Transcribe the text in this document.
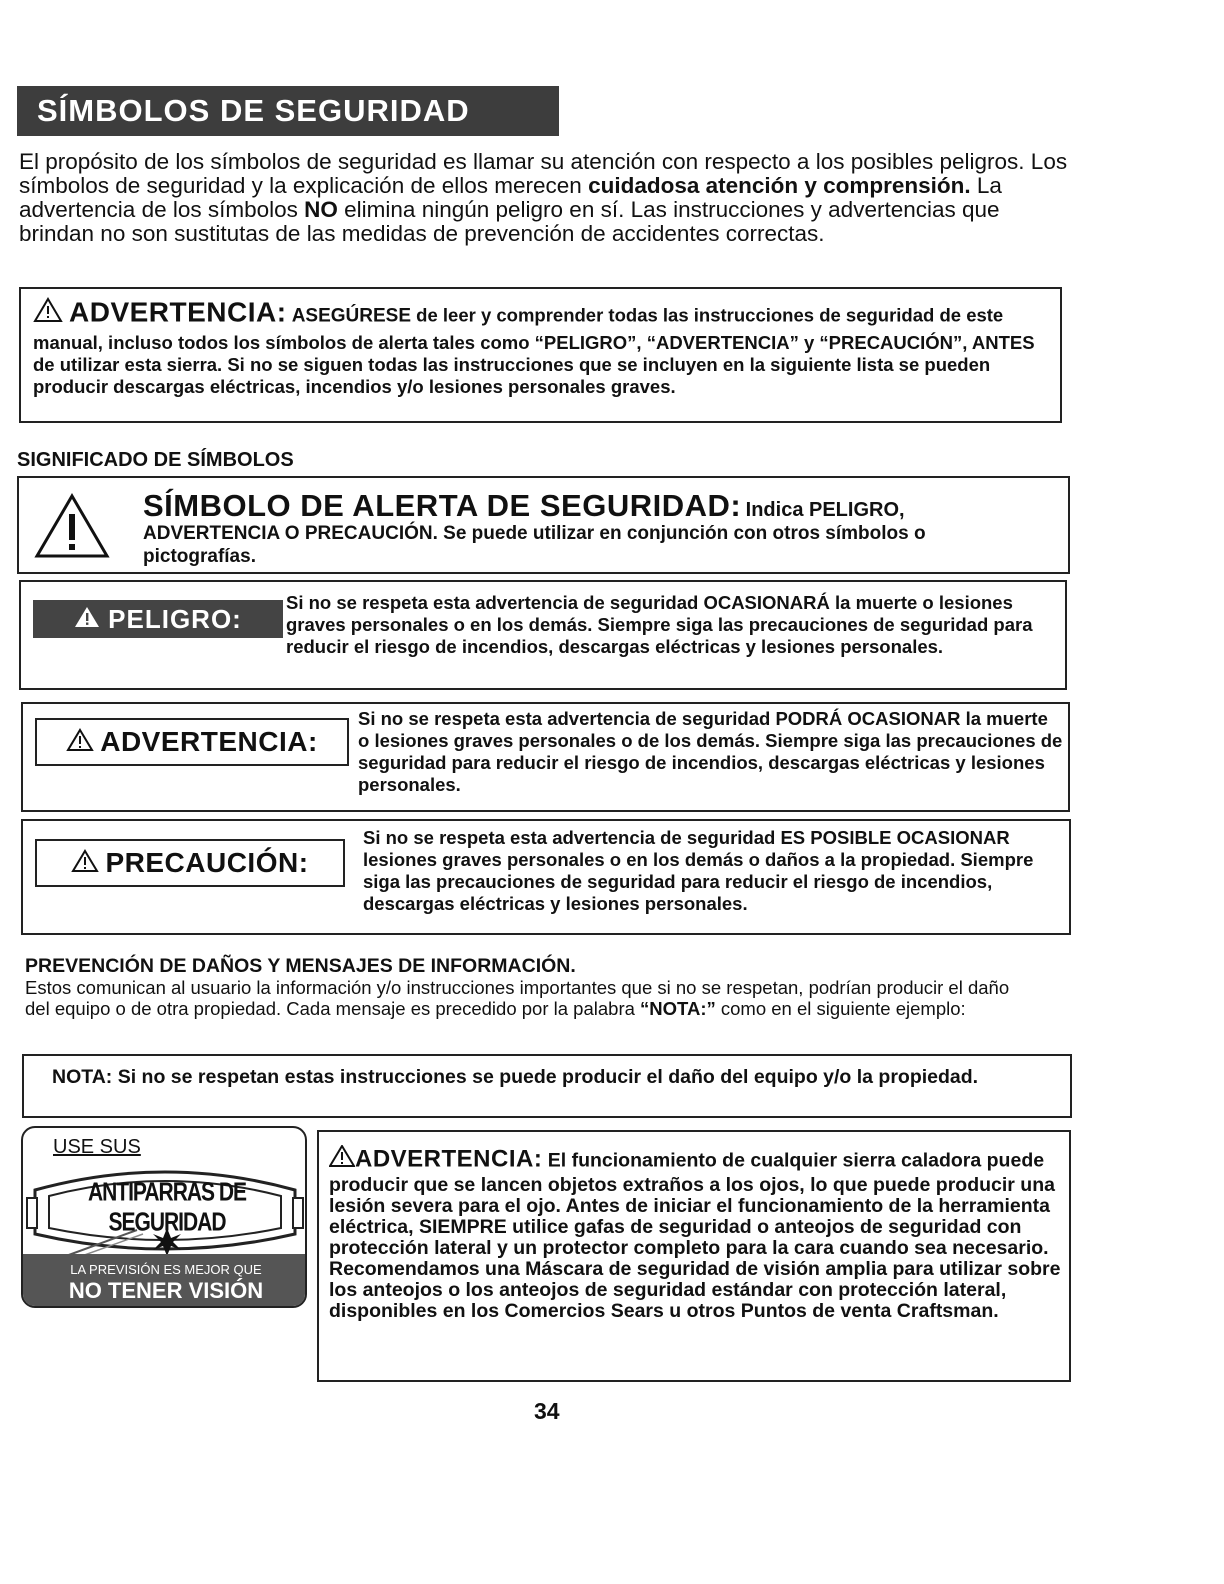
SÍMBOLOS DE SEGURIDAD
El propósito de los símbolos de seguridad es llamar su atención con respecto a los posibles peligros. Los símbolos de seguridad y la explicación de ellos merecen cuidadosa atención y comprensión. La advertencia de los símbolos NO elimina ningún peligro en sí. Las instrucciones y advertencias que brindan no son sustitutas de las medidas de prevención de accidentes correctas.
ADVERTENCIA: ASEGÚRESE de leer y comprender todas las instrucciones de seguridad de este manual, incluso todos los símbolos de alerta tales como “PELIGRO”, “ADVERTENCIA” y “PRECAUCIÓN”, ANTES de utilizar esta sierra. Si no se siguen todas las instrucciones que se incluyen en la siguiente lista se pueden producir descargas eléctricas, incendios y/o lesiones personales graves.
SIGNIFICADO DE SÍMBOLOS
SÍMBOLO DE ALERTA DE SEGURIDAD: Indica PELIGRO,
ADVERTENCIA O PRECAUCIÓN. Se puede utilizar en conjunción con otros símbolos o pictografías.
PELIGRO:
Si no se respeta esta advertencia de seguridad OCASIONARÁ la muerte o lesiones graves personales o en los demás. Siempre siga las precauciones de seguridad para reducir el riesgo de incendios, descargas eléctricas y lesiones personales.
ADVERTENCIA:
Si no se respeta esta advertencia de seguridad PODRÁ OCASIONAR la muerte o lesiones graves personales o de los demás. Siempre siga las precauciones de seguridad para reducir el riesgo de incendios, descargas eléctricas y lesiones personales.
PRECAUCIÓN:
Si no se respeta esta advertencia de seguridad ES POSIBLE OCASIONAR lesiones graves personales o en los demás o daños a la propiedad. Siempre siga las precauciones de seguridad para reducir el riesgo de incendios, descargas eléctricas y lesiones personales.
PREVENCIÓN DE DAÑOS Y MENSAJES DE INFORMACIÓN.
Estos comunican al usuario la información y/o instrucciones importantes que si no se respetan, podrían producir el daño del equipo o de otra propiedad. Cada mensaje es precedido por la palabra “NOTA:” como en el siguiente ejemplo:
NOTA: Si no se respetan estas instrucciones se puede producir el daño del equipo y/o la propiedad.
USE SUS
ANTIPARRAS DE SEGURIDAD
LA PREVISIÓN ES MEJOR QUE
NO TENER VISIÓN
ADVERTENCIA: El funcionamiento de cualquier sierra caladora puede producir que se lancen objetos extraños a los ojos, lo que puede producir una lesión severa para el ojo. Antes de iniciar el funcionamiento de la herramienta eléctrica, SIEMPRE utilice gafas de seguridad o anteojos de seguridad con protección lateral y un protector completo para la cara cuando sea necesario. Recomendamos una Máscara de seguridad de visión amplia para utilizar sobre los anteojos o los anteojos de seguridad estándar con protección lateral, disponibles en los Comercios Sears u otros Puntos de venta Craftsman.
34
